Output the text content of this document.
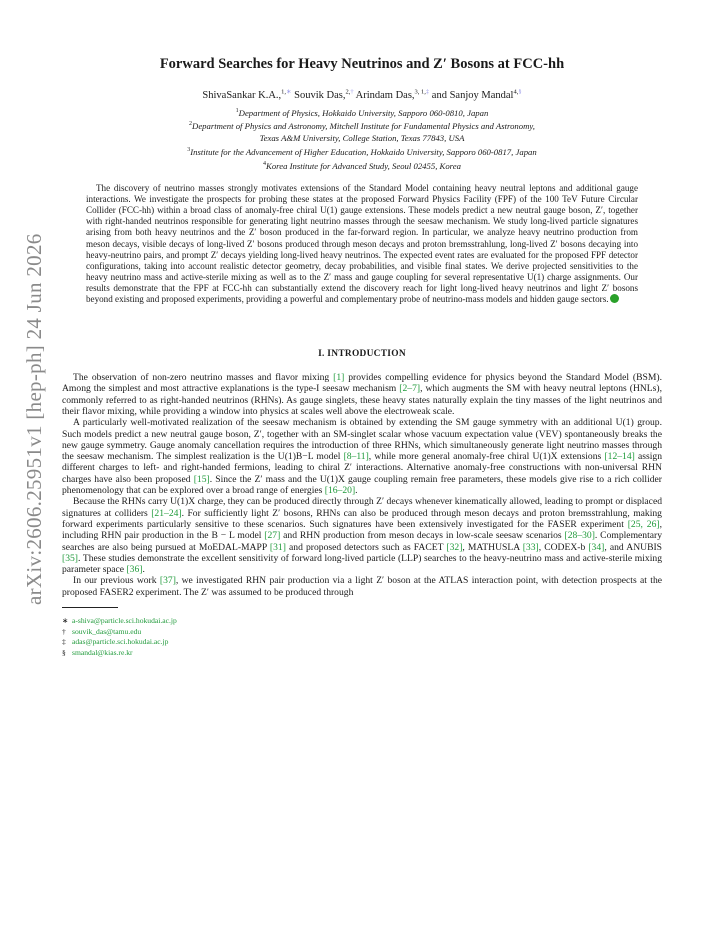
arXiv:2606.25951v1 [hep-ph] 24 Jun 2026
Forward Searches for Heavy Neutrinos and Z′ Bosons at FCC-hh
ShivaSankar K.A.,$^{1,∗}$ Souvik Das,$^{2,\dagger}$ Arindam Das,$^{3, 1,\ddagger}$ and Sanjoy Mandal$^{4,\S}$
$^1$Department of Physics, Hokkaido University, Sapporo 060-0810, Japan
$^2$Department of Physics and Astronomy, Mitchell Institute for Fundamental Physics and Astronomy,
Texas A&M University, College Station, Texas 77843, USA
$^3$Institute for the Advancement of Higher Education, Hokkaido University, Sapporo 060-0817, Japan
$^4$Korea Institute for Advanced Study, Seoul 02455, Korea
The discovery of neutrino masses strongly motivates extensions of the Standard Model containing heavy neutral leptons and additional gauge interactions. We investigate the prospects for probing these states at the proposed Forward Physics Facility (FPF) of the 100 TeV Future Circular Collider (FCC-hh) within a broad class of anomaly-free chiral U(1) gauge extensions. These models predict a new neutral gauge boson, Z′, together with right-handed neutrinos responsible for generating light neutrino masses through the seesaw mechanism. We study long-lived particle signatures arising from both heavy neutrinos and the Z′ boson produced in the far-forward region. In particular, we analyze heavy neutrino production from meson decays, visible decays of long-lived Z′ bosons produced through meson decays and proton bremsstrahlung, long-lived Z′ bosons decaying into heavy-neutrino pairs, and prompt Z′ decays yielding long-lived heavy neutrinos. The expected event rates are evaluated for the proposed FPF detector configurations, taking into account realistic detector geometry, decay probabilities, and visible final states. We derive projected sensitivities to the heavy neutrino mass and active-sterile mixing as well as to the Z′ mass and gauge coupling for several representative U(1) charge assignments. Our results demonstrate that the FPF at FCC-hh can substantially extend the discovery reach for light long-lived heavy neutrinos and light Z′ bosons beyond existing and proposed experiments, providing a powerful and complementary probe of neutrino-mass models and hidden gauge sectors.
I. INTRODUCTION

The observation of non-zero neutrino masses and flavor mixing [1] provides compelling evidence for physics beyond the Standard Model (BSM). Among the simplest and most attractive explanations is the type-I seesaw mechanism [2–7], which augments the SM with heavy neutral leptons (HNLs), commonly referred to as right-handed neutrinos (RHNs). As gauge singlets, these heavy states naturally explain the tiny masses of the light neutrinos and their flavor mixing, while providing a window into physics at scales well above the electroweak scale.

A particularly well-motivated realization of the seesaw mechanism is obtained by extending the SM gauge symmetry with an additional U(1) group. Such models predict a new neutral gauge boson, Z′, together with an SM-singlet scalar whose vacuum expectation value (VEV) spontaneously breaks the new gauge symmetry. Gauge anomaly cancellation requires the introduction of three RHNs, which simultaneously generate light neutrino masses through the seesaw mechanism. The simplest realization is the U(1)B−L model [8–11], while more general anomaly-free chiral U(1)X extensions [12–14] assign different charges to left- and right-handed fermions, leading to chiral Z′ interactions. Alternative anomaly-free constructions with non-universal RHN charges have also been proposed [15]. Since the Z′ mass and the U(1)X gauge coupling remain free parameters, these models give rise to a rich collider phenomenology that can be explored over a broad range of energies [16–20].

Because the RHNs carry U(1)X charge, they can be produced directly through Z′ decays whenever kinematically allowed, leading to prompt or displaced signatures at colliders [21–24]. For sufficiently light Z′ bosons, RHNs can also be produced through meson decays and proton bremsstrahlung, making forward experiments particularly sensitive to these scenarios. Such signatures have been extensively investigated for the FASER experiment [25, 26], including RHN pair production in the B − L model [27] and RHN production from meson decays in low-scale seesaw scenarios [28–30]. Complementary searches are also being pursued at MoEDAL-MAPP [31] and proposed detectors such as FACET [32], MATHUSLA [33], CODEX-b [34], and ANUBIS [35]. These studies demonstrate the excellent sensitivity of forward long-lived particle (LLP) searches to the heavy-neutrino mass and active-sterile mixing parameter space [36].

In our previous work [37], we investigated RHN pair production via a light Z′ boson at the ATLAS interaction point, with detection prospects at the proposed FASER2 experiment. The Z′ was assumed to be produced through

∗ a-shiva@particle.sci.hokudai.ac.jp
† souvik_das@tamu.edu
‡ adas@particle.sci.hokudai.ac.jp
§ smandal@kias.re.kr
